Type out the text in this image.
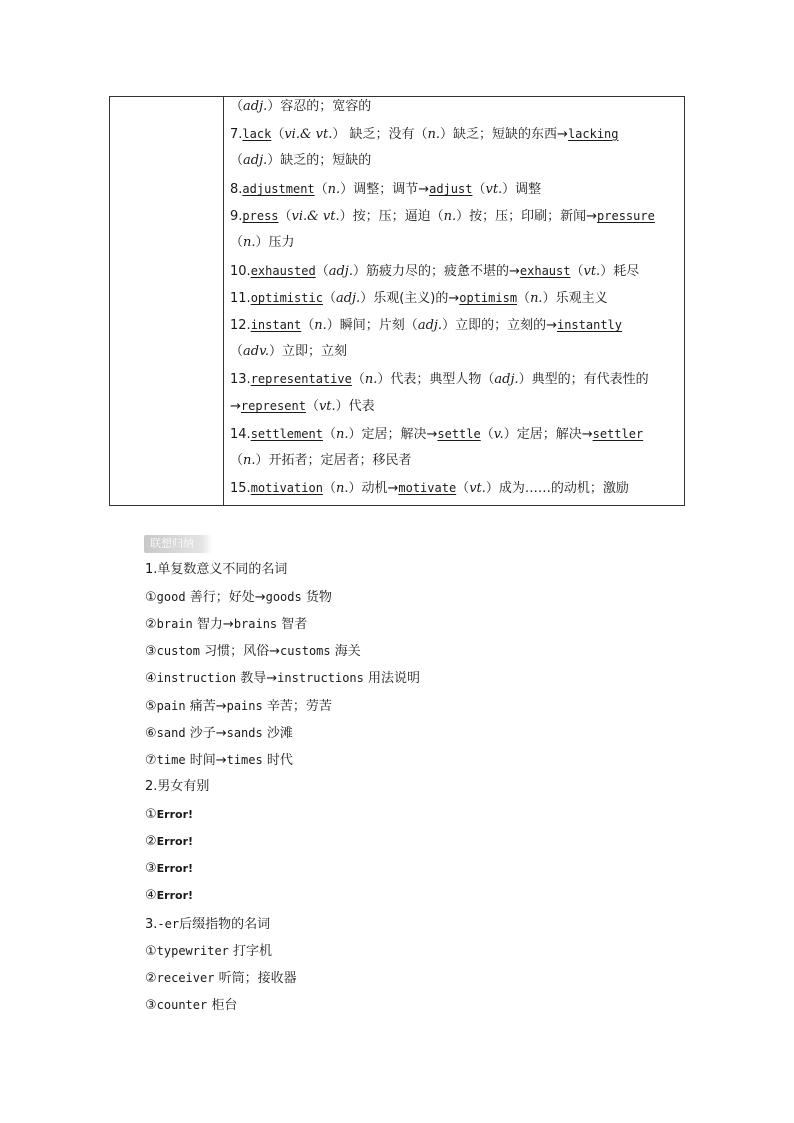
（adj.）容忍的；宽容的
7.lack（vi.& vt.） 缺乏；没有（n.）缺乏；短缺的东西→lacking
（adj.）缺乏的；短缺的
8.adjustment（n.）调整；调节→adjust（vt.）调整
9.press（vi.& vt.）按；压；逼迫（n.）按；压；印刷；新闻→pressure
（n.）压力
10.exhausted（adj.）筋疲力尽的；疲惫不堪的→exhaust（vt.）耗尽
11.optimistic（adj.）乐观(主义)的→optimism（n.）乐观主义
12.instant（n.）瞬间；片刻（adj.）立即的；立刻的→instantly
（adv.）立即；立刻
13.representative（n.）代表；典型人物（adj.）典型的；有代表性的
→represent（vt.）代表
14.settlement（n.）定居；解决→settle（v.）定居；解决→settler
（n.）开拓者；定居者；移民者
15.motivation（n.）动机→motivate（vt.）成为……的动机；激励
联想归纳
1.单复数意义不同的名词
①good 善行；好处→goods 货物
②brain 智力→brains 智者
③custom 习惯；风俗→customs 海关
④instruction 教导→instructions 用法说明
⑤pain 痛苦→pains 辛苦；劳苦
⑥sand 沙子→sands 沙滩
⑦time 时间→times 时代
2.男女有别
①Error!
②Error!
③Error!
④Error!
3.-er后缀指物的名词
①typewriter 打字机
②receiver 听筒；接收器
③counter 柜台
